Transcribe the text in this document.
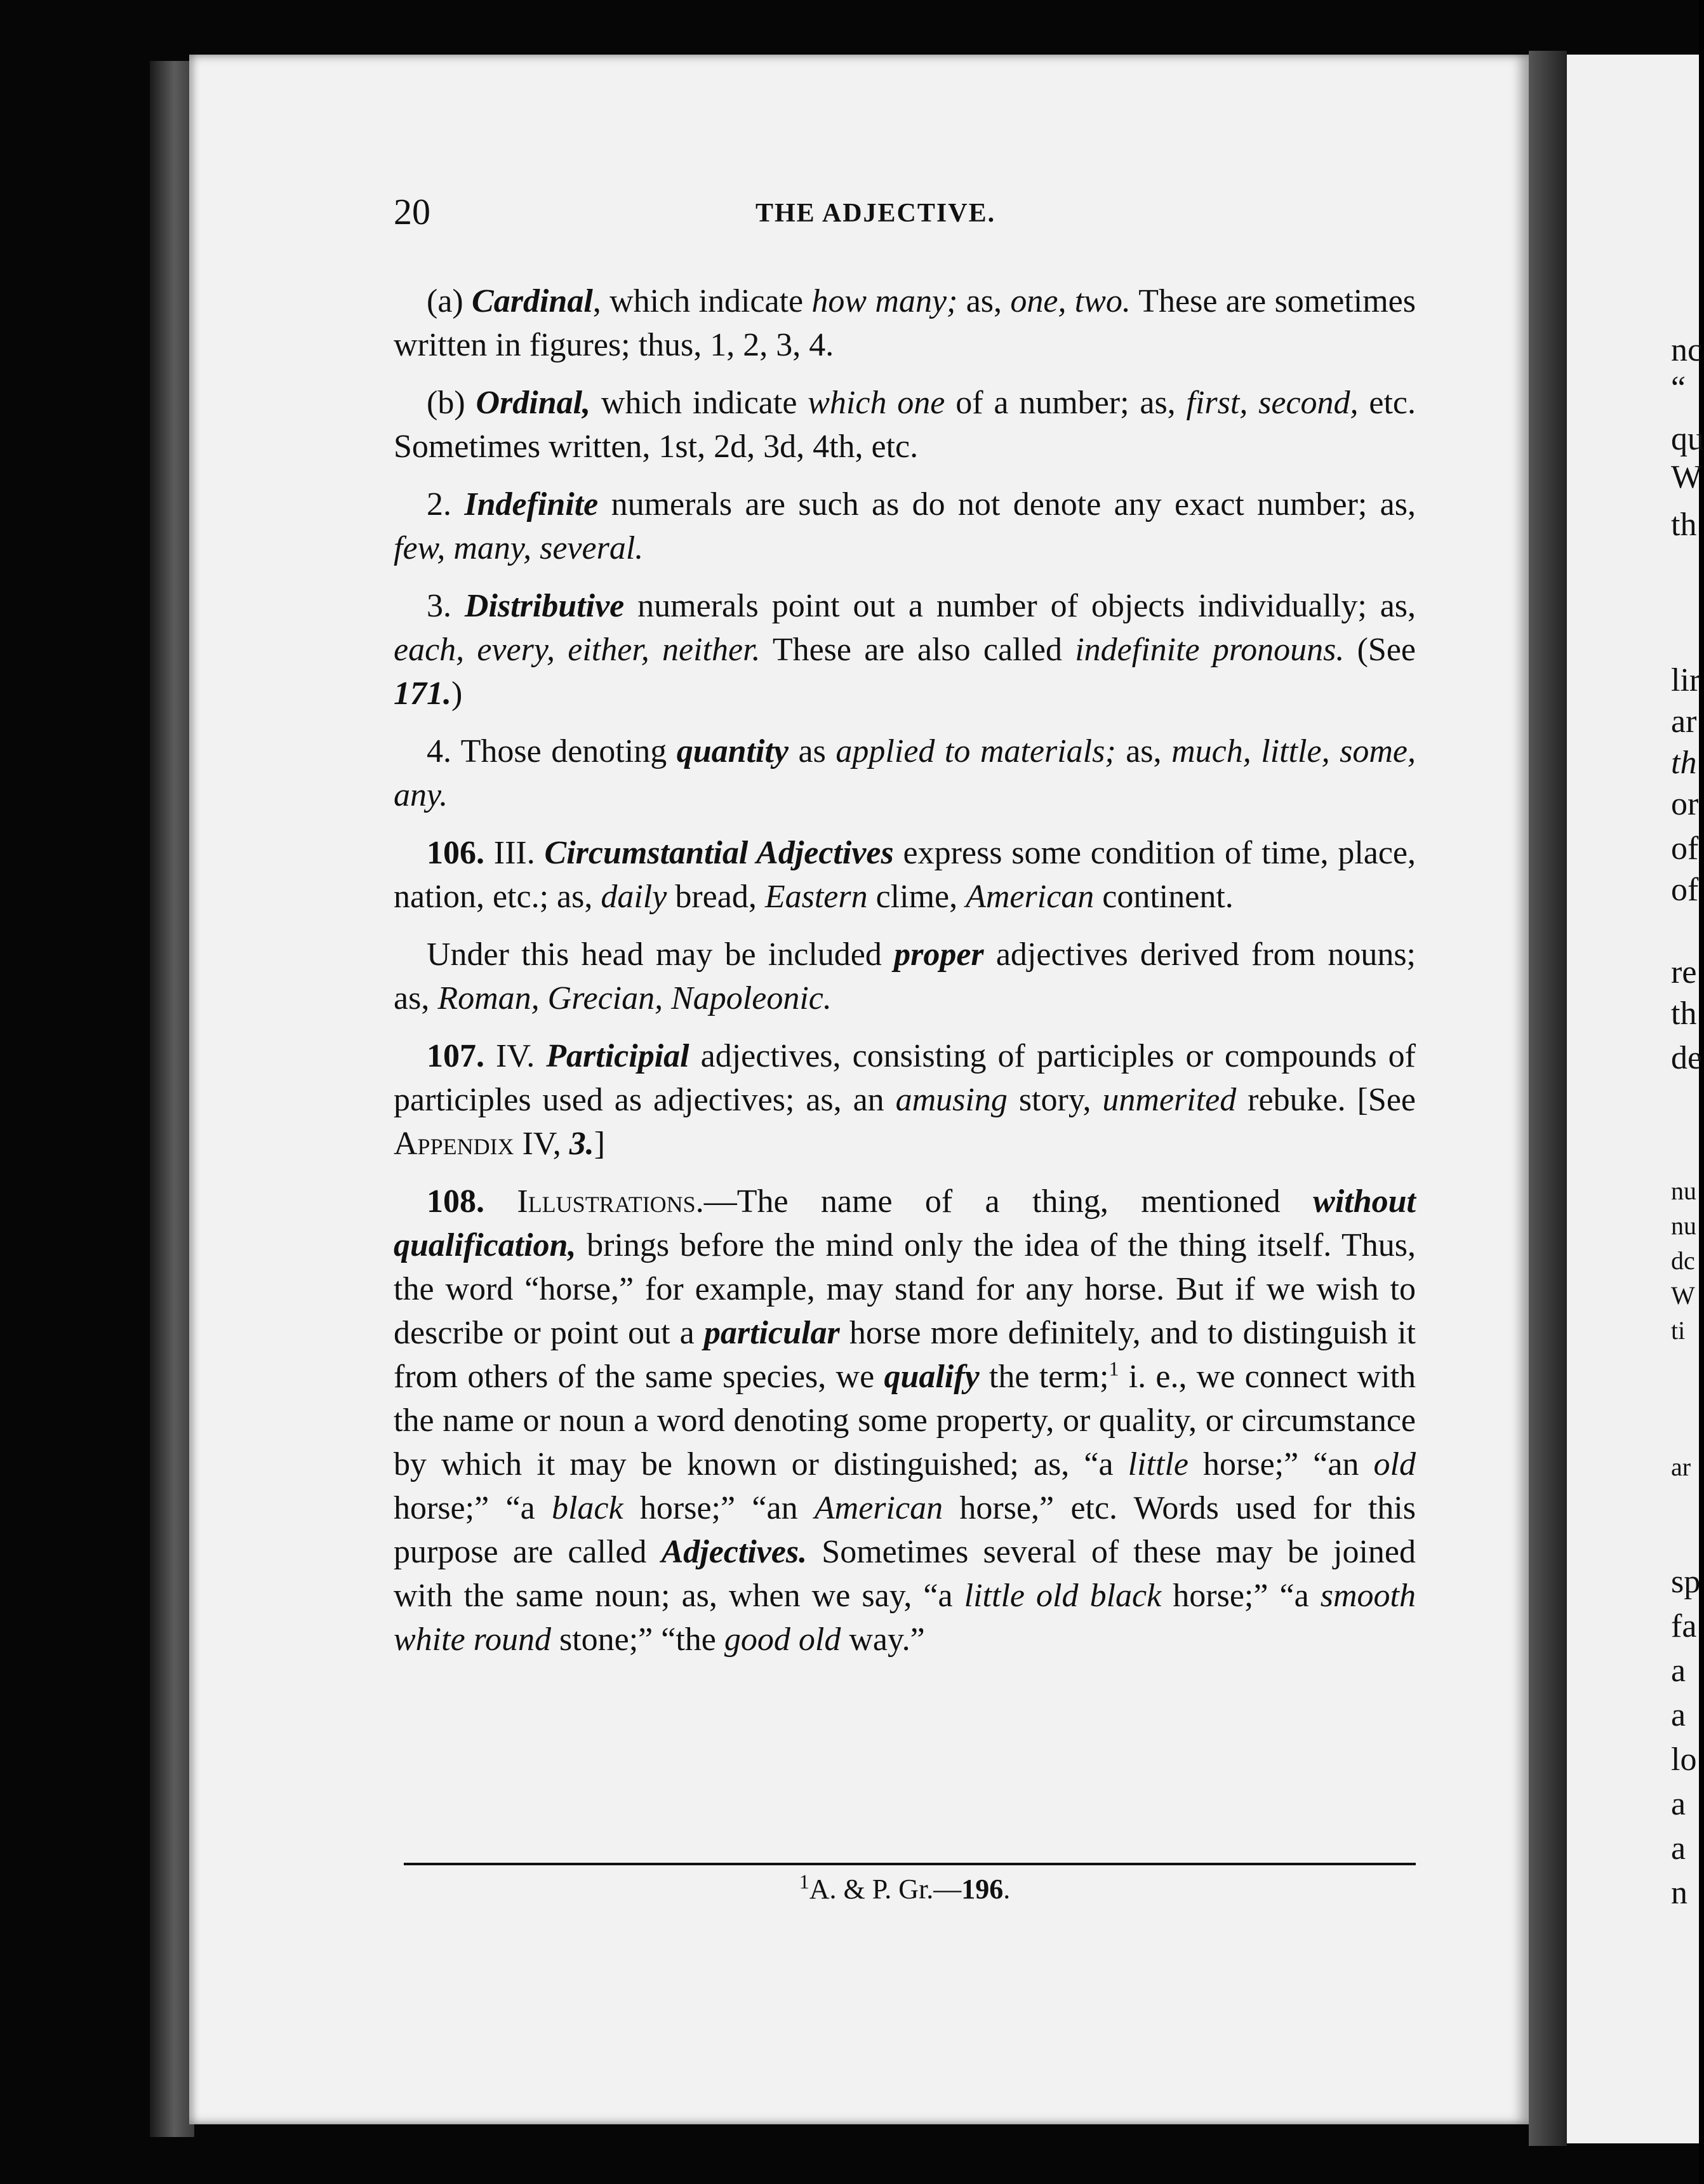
nc
“
qu
W
th
lir
ar
th
or
of
of
re
th
de
nu
nu
dc
W
ti
ar
sp
fa
a
a
lo
a
a
n
20	THE ADJECTIVE.

(a) Cardinal, which indicate how many; as, one, two. These are sometimes written in figures; thus, 1, 2, 3, 4.

(b) Ordinal, which indicate which one of a number; as, first, second, etc. Sometimes written, 1st, 2d, 3d, 4th, etc.

2. Indefinite numerals are such as do not denote any exact number; as, few, many, several.

3. Distributive numerals point out a number of objects individually; as, each, every, either, neither. These are also called indefinite pronouns. (See 171.)

4. Those denoting quantity as applied to materials; as, much, little, some, any.

106. III. Circumstantial Adjectives express some condition of time, place, nation, etc.; as, daily bread, Eastern clime, American continent.

Under this head may be included proper adjectives derived from nouns; as, Roman, Grecian, Napoleonic.

107. IV. Participial adjectives, consisting of participles or compounds of participles used as adjectives; as, an amusing story, unmerited rebuke. [See Appendix IV, 3.]

108. Illustrations.—The name of a thing, mentioned without qualification, brings before the mind only the idea of the thing itself. Thus, the word “horse,” for example, may stand for any horse. But if we wish to describe or point out a particular horse more definitely, and to distinguish it from others of the same species, we qualify the term;$^1$ i. e., we connect with the name or noun a word denoting some property, or quality, or circumstance by which it may be known or distinguished; as, “a little horse;” “an old horse;” “a black horse;” “an American horse,” etc. Words used for this purpose are called Adjectives. Sometimes several of these may be joined with the same noun; as, when we say, “a little old black horse;” “a smooth white round stone;” “the good old way.”

$^1$A. & P. Gr.—196.
